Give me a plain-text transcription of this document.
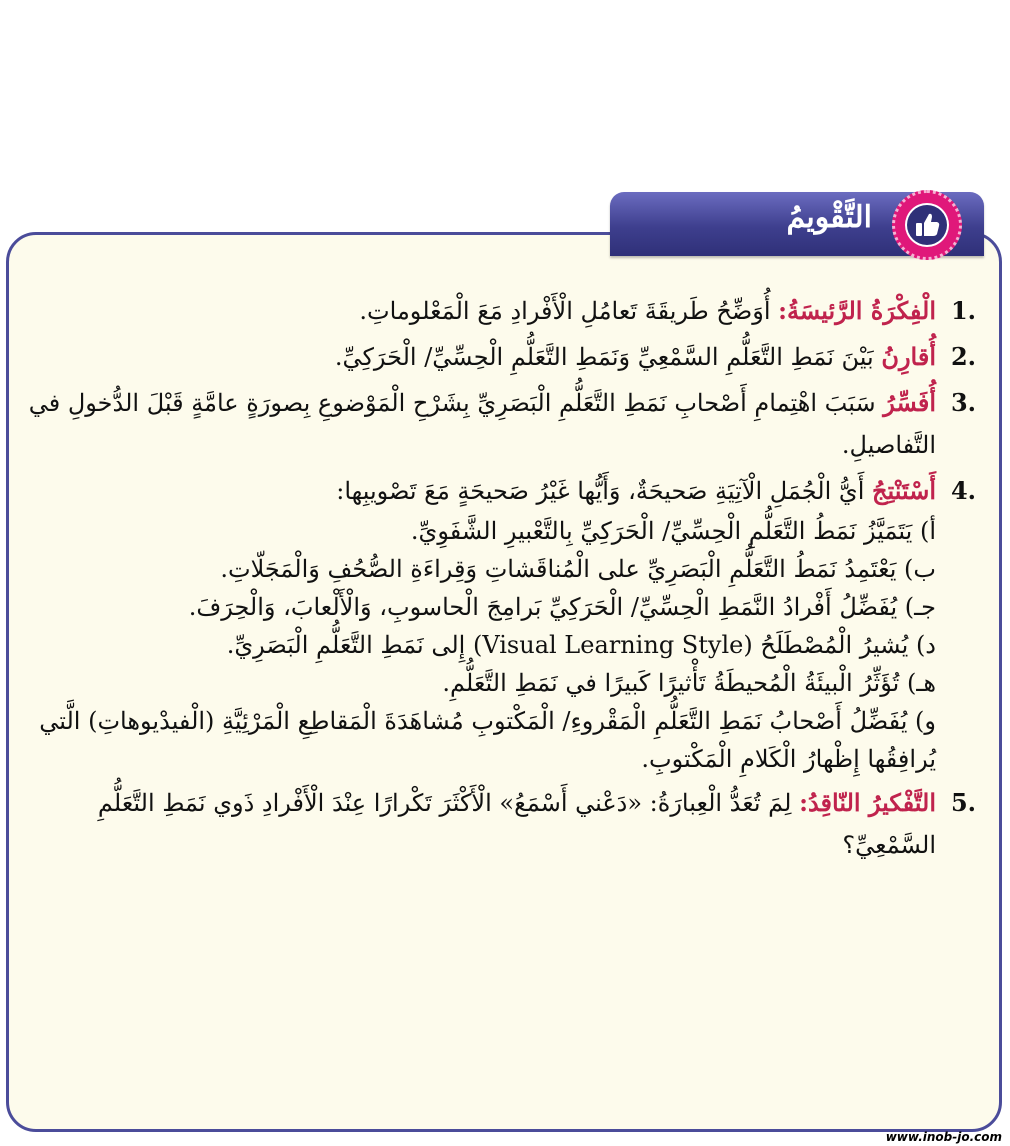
التَّقْويمُ
1.
الْفِكْرَةُ الرَّئيسَةُ: أُوَضِّحُ طَريقَةَ تَعامُلِ الْأَفْرادِ مَعَ الْمَعْلوماتِ.
2.
أُقارِنُ بَيْنَ نَمَطِ التَّعَلُّمِ السَّمْعِيِّ وَنَمَطِ التَّعَلُّمِ الْحِسِّيِّ/ الْحَرَكِيِّ.
3.
أُفَسِّرُ سَبَبَ اهْتِمامِ أَصْحابِ نَمَطِ التَّعَلُّمِ الْبَصَرِيِّ بِشَرْحِ الْمَوْضوعِ بِصورَةٍ عامَّةٍ قَبْلَ الدُّخولِ في التَّفاصيلِ.
4.
أَسْتَنْتِجُ أَيُّ الْجُمَلِ الْآتِيَةِ صَحيحَةٌ، وَأَيُّها غَيْرُ صَحيحَةٍ مَعَ تَصْويبِها:
أ) يَتَمَيَّزُ نَمَطُ التَّعَلُّمِ الْحِسِّيِّ/ الْحَرَكِيِّ بِالتَّعْبيرِ الشَّفَوِيِّ.
ب) يَعْتَمِدُ نَمَطُ التَّعَلُّمِ الْبَصَرِيِّ على الْمُناقَشاتِ وَقِراءَةِ الصُّحُفِ وَالْمَجَلّاتِ.
جـ) يُفَضِّلُ أَفْرادُ النَّمَطِ الْحِسِّيِّ/ الْحَرَكِيِّ بَرامِجَ الْحاسوبِ، وَالْأَلْعابَ، وَالْحِرَفَ.
د) يُشيرُ الْمُصْطَلَحُ (Visual Learning Style) إِلى نَمَطِ التَّعَلُّمِ الْبَصَرِيِّ.
هـ) تُؤَثِّرُ الْبيئَةُ الْمُحيطَةُ تَأْثيرًا كَبيرًا في نَمَطِ التَّعَلُّمِ.
و) يُفَضِّلُ أَصْحابُ نَمَطِ التَّعَلُّمِ الْمَقْروءِ/ الْمَكْتوبِ مُشاهَدَةَ الْمَقاطِعِ الْمَرْئِيَّةِ (الْفيدْيوهاتِ) الَّتي يُرافِقُها إِظْهارُ الْكَلامِ الْمَكْتوبِ.
5.
التَّفْكيرُ النّاقِدُ: لِمَ تُعَدُّ الْعِبارَةُ: «دَعْني أَسْمَعُ» الْأَكْثَرَ تَكْرارًا عِنْدَ الْأَفْرادِ ذَوي نَمَطِ التَّعَلُّمِ السَّمْعِيِّ؟
www.inob-jo.com
